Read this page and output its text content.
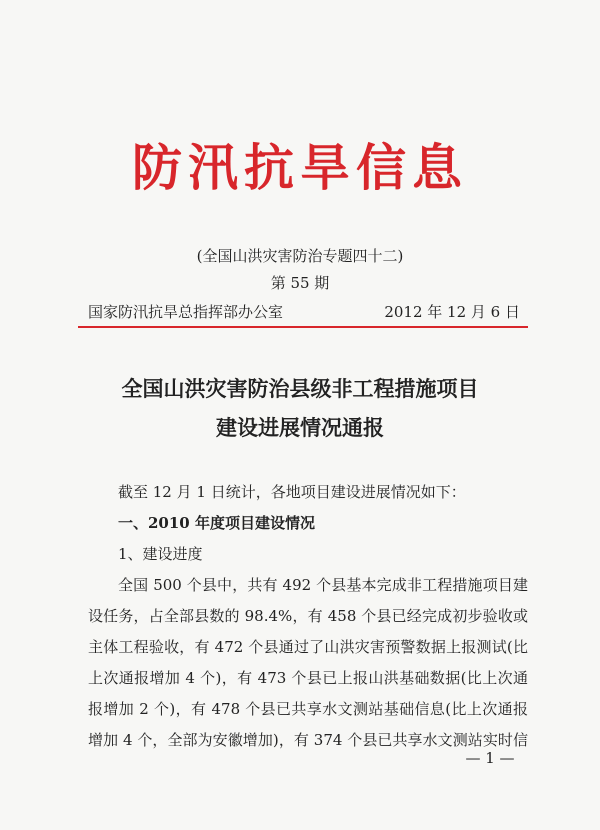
防汛抗旱信息
(全国山洪灾害防治专题四十二)
第 55 期
国家防汛抗旱总指挥部办公室	2012 年 12 月 6 日
全国山洪灾害防治县级非工程措施项目
建设进展情况通报

截至 12 月 1 日统计，各地项目建设进展情况如下：

一、2010 年度项目建设情况

1、建设进度

全国 500 个县中，共有 492 个县基本完成非工程措施项目建

设任务，占全部县数的 98.4%，有 458 个县已经完成初步验收或

主体工程验收，有 472 个县通过了山洪灾害预警数据上报测试(比

上次通报增加 4 个)，有 473 个县已上报山洪基础数据(比上次通

报增加 2 个)，有 478 个县已共享水文测站基础信息(比上次通报

增加 4 个，全部为安徽增加)，有 374 个县已共享水文测站实时信

— 1 —
